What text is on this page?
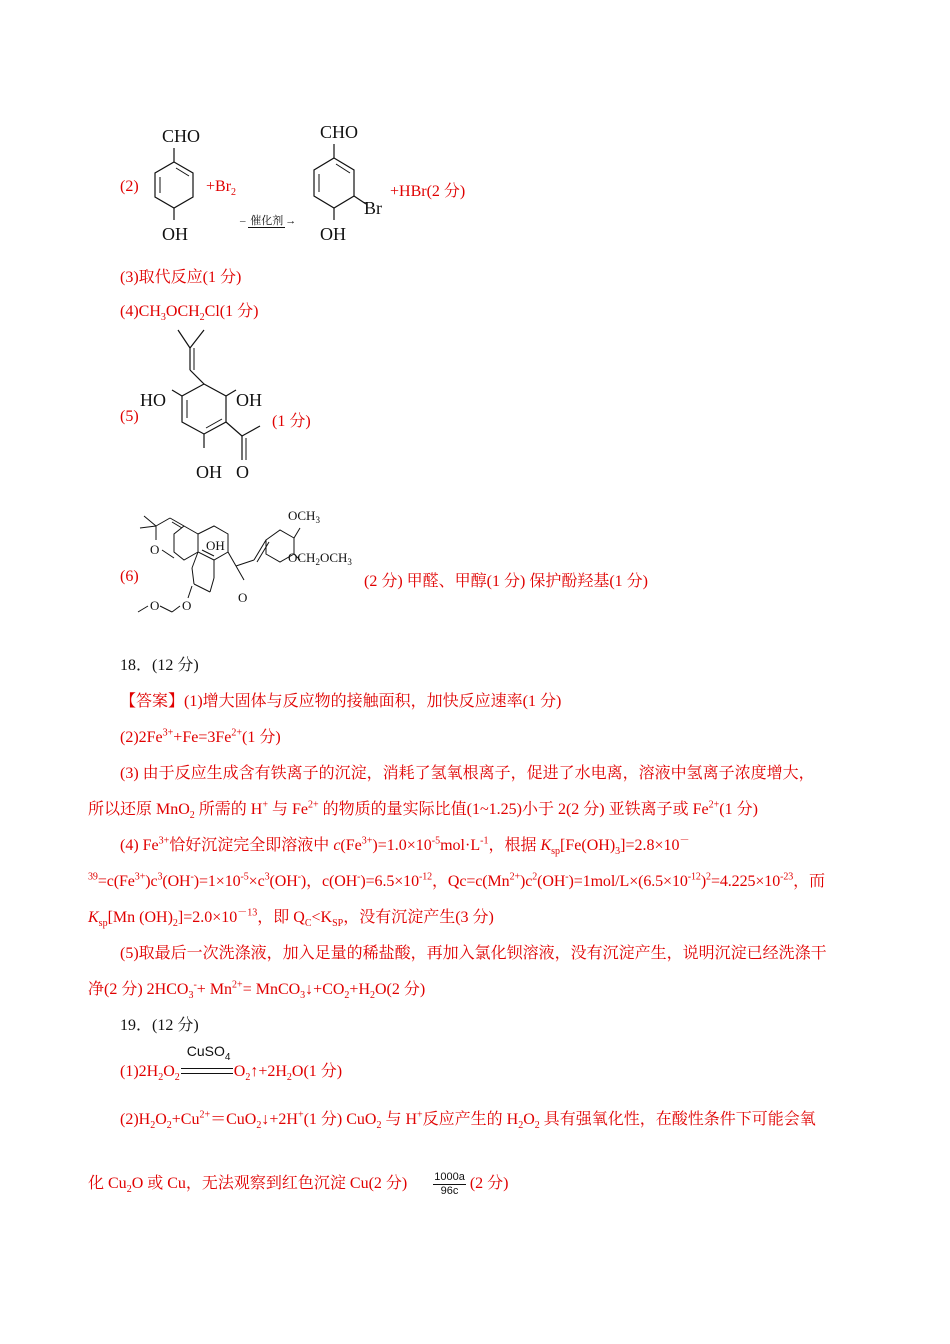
(2)
CHO
OH
$+Br_2$
– 催化剂 →
CHO
Br
OH
+HBr(2 分)
(3)取代反应(1 分)
$(4)CH_3OCH_2Cl(1$ 分)
(5)
HO	OH
OH O
(1 分)
(6)
O	OH
O
$OCH_3$
$OCH_2OCH_3$
O
O
(2 分) 甲醛、甲醇(1 分) 保护酚羟基(1 分)
18．(12 分)
【答案】(1)增大固体与反应物的接触面积，加快反应速率(1 分)
$(2)2Fe^{3+}+Fe=3Fe^{2+}(1$ 分)
(3) 由于反应生成含有铁离子的沉淀，消耗了氢氧根离子，促进了水电离，溶液中氢离子浓度增大，
所以还原 MnO$_2$ 所需的 H+ 与 $Fe^{2+}$ 的物质的量实际比值(1~1.25)小于 2(2 分) 亚铁离子或 $Fe^{2+}(1$ 分)
(4) $Fe^{3+}$恰好沉淀完全即溶液中 $c(Fe^{3+})=1.0\times 10^{-5}mol\cdot L^{-1}$，根据 $K_{sp}[Fe(OH)_3]=2.8\times 10^-$
$^{39}=c(Fe^{3+})c^3(OH^-)=1\times 10^{-5}\times c^3(OH^-)$，$c(OH^-)=6.5\times 10^{-12}$，$Qc=c(Mn^{2+})c^2(OH^-)=1mol/L\times(6.5\times 10^{-12})^2=4.225\times 10^{-23}$，而
$K_{sp}[Mn$ $(OH)_2]=2.0\times 10^{-13}$，即 $Q_C<K_{SP}$，没有沉淀产生(3 分)
(5)取最后一次洗涤液，加入足量的稀盐酸，再加入氯化钡溶液，没有沉淀产生，说明沉淀已经洗涤干
净(2 分) $2HCO_3^-+ Mn^{2+}=$ $MnCO_3↓+CO_2+H_2O(2$ 分)
19．(12 分)
$(1)2H_2O_2$
CuSO$_4$
$O_2↑+2H_2O(1$ 分)
$(2)H_2O_2+Cu^{2+}=CuO_2↓+2H^+(1$ 分) CuO$_2$ 与 H+反应产生的 $H_2O_2$ 具有强氧化性，在酸性条件下可能会氧
化 $Cu_2O$ 或 Cu，无法观察到红色沉淀 Cu(2 分) $\frac{1000a}{96c} (2$ 分)
